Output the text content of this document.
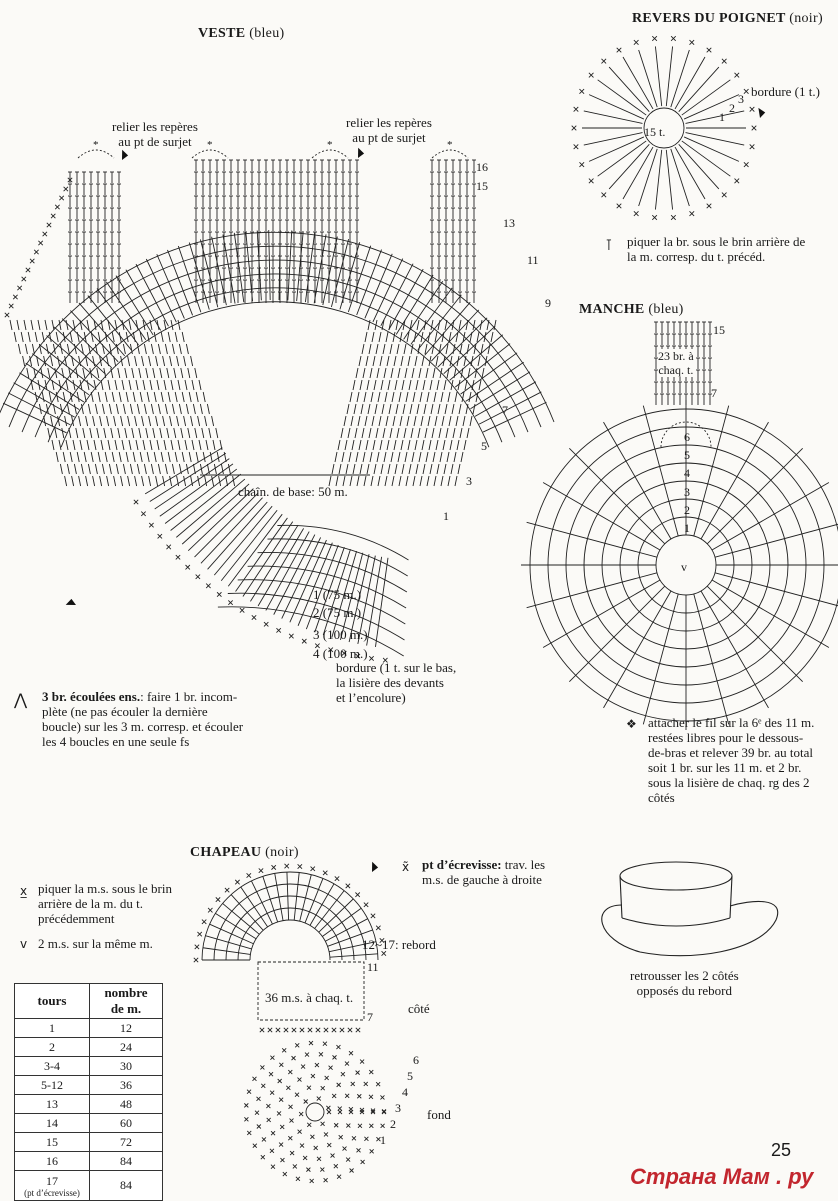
*	*	*	*
VESTE (bleu)
relier les repères
au pt de surjet
relier les repères
au pt de surjet
chaîn. de base: 50 m.
16
15
13
11
9
7
5
3
1
1 (75 m.)
2 (75 m.)
3 (100 m.)
4 (100 m.)
bordure (1 t. sur le bas,
la lisière des devants
et l’encolure)
⋀ 3 br. écoulées ens.: faire 1 br. incom-
plète (ne pas écouler la dernière
boucle) sur les 3 m. corresp. et écouler
les 4 boucles en une seule fs
REVERS DU POIGNET (noir)
15 t.
1
2
3 bordure (1 t.)
⊺ piquer la br. sous le brin arrière de
la m. corresp. du t. précéd.
MANCHE (bleu)
23 br. à
chaq. t.
15
7
6
5
4
3
2
1
v
❖ attacher le fil sur la 6ᵉ des 11 m.
restées libres pour le dessous-
de-bras et relever 39 br. au total
soit 1 br. sur les 11 m. et 2 br.
sous la lisière de chaq. rg des 2
côtés
CHAPEAU (noir)
12~17: rebord
36 m.s. à chaq. t.
côté
fond
11
7
6
5
4
3
2
1
x̃ pt d’écrevisse: trav. les
m.s. de gauche à droite
x̲ piquer la m.s. sous le brin
arrière de la m. du t.
précédemment
v 2 m.s. sur la même m.
tours	nombre
de m.
1	12
2	24
3-4	30
5-12	36
13	48
14	60
15	72
16	84
17
(pt d’écrevisse)	84
retrousser les 2 côtés
opposés du rebord
25
Страна Мам . ру
